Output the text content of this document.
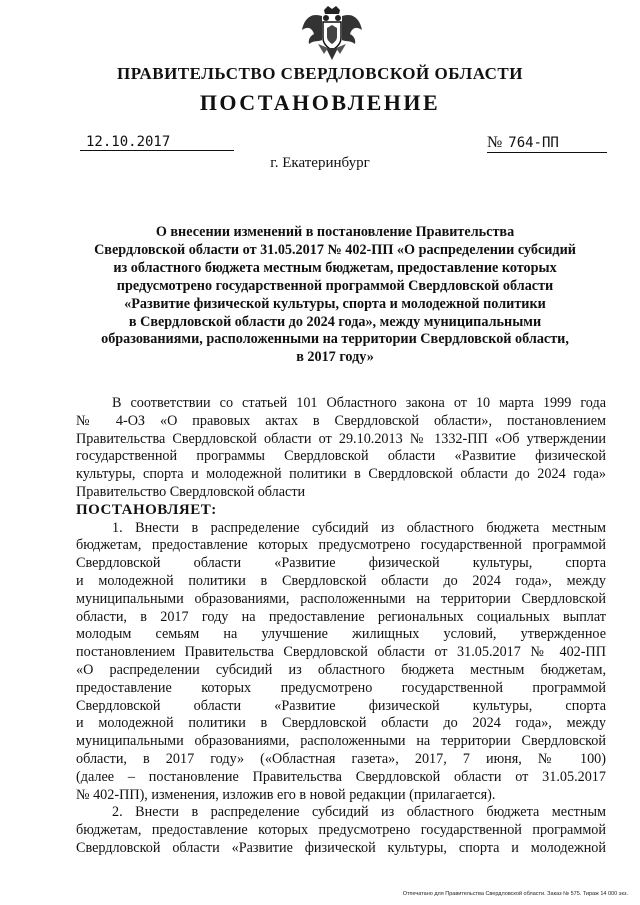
ПРАВИТЕЛЬСТВО СВЕРДЛОВСКОЙ ОБЛАСТИ
ПОСТАНОВЛЕНИЕ
12.10.2017	№ 764-ПП
г. Екатеринбург
О внесении изменений в постановление Правительства
Свердловской области от 31.05.2017 № 402-ПП «О распределении субсидий
из областного бюджета местным бюджетам, предоставление которых
предусмотрено государственной программой Свердловской области
«Развитие физической культуры, спорта и молодежной политики
в Свердловской области до 2024 года», между муниципальными
образованиями, расположенными на территории Свердловской области,
в 2017 году»
В соответствии со статьей 101 Областного закона от 10 марта 1999 года
№ 4-ОЗ «О правовых актах в Свердловской области», постановлением
Правительства Свердловской области от 29.10.2013 № 1332-ПП «Об утверждении
государственной программы Свердловской области «Развитие физической
культуры, спорта и молодежной политики в Свердловской области до 2024 года»
Правительство Свердловской области
ПОСТАНОВЛЯЕТ:
1. Внести в распределение субсидий из областного бюджета местным
бюджетам, предоставление которых предусмотрено государственной программой
Свердловской области «Развитие физической культуры, спорта
и молодежной политики в Свердловской области до 2024 года», между
муниципальными образованиями, расположенными на территории Свердловской
области, в 2017 году на предоставление региональных социальных выплат
молодым семьям на улучшение жилищных условий, утвержденное
постановлением Правительства Свердловской области от 31.05.2017 № 402-ПП
«О распределении субсидий из областного бюджета местным бюджетам,
предоставление которых предусмотрено государственной программой
Свердловской области «Развитие физической культуры, спорта
и молодежной политики в Свердловской области до 2024 года», между
муниципальными образованиями, расположенными на территории Свердловской
области, в 2017 году» («Областная газета», 2017, 7 июня, № 100)
(далее – постановление Правительства Свердловской области от 31.05.2017
№ 402-ПП), изменения, изложив его в новой редакции (прилагается).
2. Внести в распределение субсидий из областного бюджета местным
бюджетам, предоставление которых предусмотрено государственной программой
Свердловской области «Развитие физической культуры, спорта и молодежной
Отпечатано для Правительства Свердловской области. Заказ № 575. Тираж 14 000 экз.
